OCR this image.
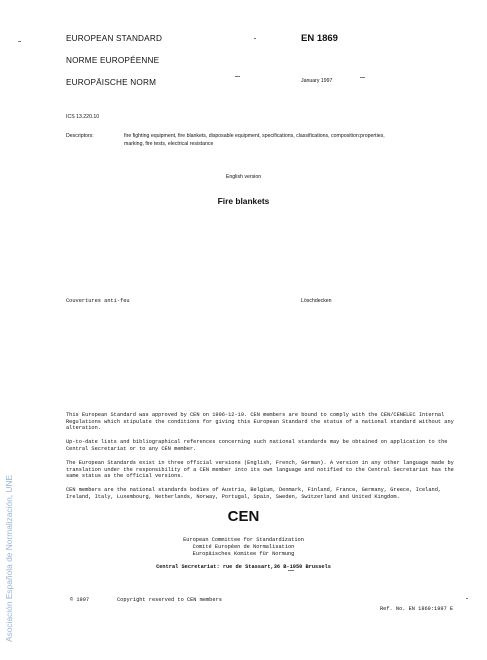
EUROPEAN STANDARD
NORME EUROPÉENNE
EUROPÄISCHE NORM
EN 1869
January 1997
ICS 13.220.10
Descriptors:	fire fighting equipment, fire blankets, disposable equipment, specifications, classifications, composition:properties,
marking, fire tests, electrical resistance
English version
Fire blankets
Couvertures anti-feu	Löschdecken
This European Standard was approved by CEN on 1996-12-19. CEN members are bound to comply with the CEN/CENELEC Internal Regulations which stipulate the conditions for giving this European Standard the status of a national standard without any alteration.
Up-to-date lists and bibliographical references concerning such national standards may be obtained on application to the Central Secretariat or to any CEN member.
The European Standards exist in three official versions (English, French, German). A version in any other language made by translation under the responsibility of a CEN member into its own language and notified to the Central Secretariat has the same status as the official versions.
CEN members are the national standards bodies of Austria, Belgium, Denmark, Finland, France, Germany, Greece, Iceland, Ireland, Italy, Luxembourg, Netherlands, Norway, Portugal, Spain, Sweden, Switzerland and United Kingdom.
CEN
European Committee for Standardization
Comité Européen de Normalisation
Europäisches Komitee für Normung
Central Secretariat: rue de Stassart,36 B-1050 Brussels
© 1997	Copyright reserved to CEN members
Ref. No. EN 1869:1997 E
Asociación Española de Normalización, UNE
